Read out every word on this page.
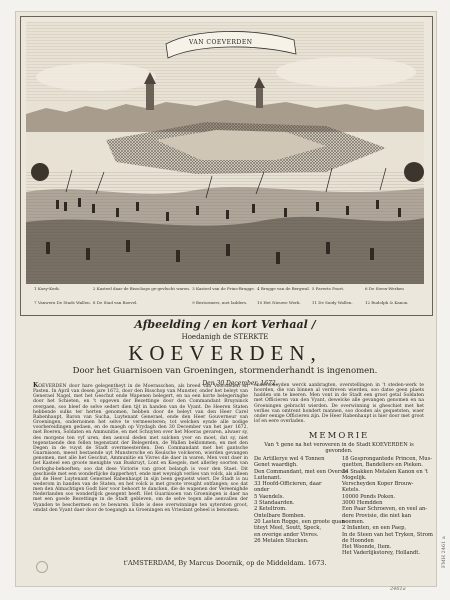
VAN COEVERDEN
1 Koey-Kerk.	2 Kasteel daar de Bisschops ge-gevlucht waren. 3 Kasteel van de Prins-Brugge. 4 Brugge van de Bergwal. 5 Faverts Poort.	6 De Steen-Werken
7 Vanwerx De Stads Wallen. 8 De Stad van Boevel.	9 Bestormers, met ladders.	10 Het Nieuwe Werk.	11 De Suidy Wallen.	12 Rudolph & Kanon.
Afbeelding / en kort Verhaal /
Hoedanigh de STERKTE
KOEVERDEN,
Door het Guarnisoen van Groeningen, stormenderhandt is ingenomen.
Den 30 December, 1672.
KOEVERDEN door hare gelegentheyt in de Moerasschen, als breed van Voorsteden en Pasten. In April van desen jare 1672, door den Bisschop van Munster, onder het beleyt van Generael Nagel, met het Geschut ende Wapenen belegert, en na een korte belegeringhe door het Schieten, en 't opgeven der Bezettinge door den Commandant Bruyninck overgaen, soo bleef de selve sedert dien tijt in handen van de Vyant. De Heeren Staten hebbende sulks ter herten genomen, hebben door de beleyt van den Heer Carel Rabenhaupt, Baron van Sucha, Luytenant Generael, ende den Heer Gouverneur van Groeningen, ondernomen het selve te vermeesteren; tot welcken eynde alle nodige voorbereidingen gedaen, en de maegh op Vrydagh den 30 December van het jaer 1672, met Boeren, Soldaten en Ammunitie, en met Schuyten over het Moeras gevaren, alwaer sy, des morgens ten vyf uren, den aenval deden met sulcken yver en moet, dat sy, niet tegenstaende den fellen tegenstant der Belegerden, de Wallen beklommen, en met den Degen in de vuyst de Stadt overmeesterden. Den Commandant met het gantsche Guarnisoen, meest bestaende uyt Munstersche en Keulsche volckeren, wierden gevangen genomen, met alle het Geschut, Ammunitie en Vivres die daer in waren. Men vont daer in het Kasteel een groote menighte van Buskruyt, Lont en Koegels, met allerley soorten van Oorloghs-behoeften; soo dat dese Victorie van groot belangh is voor den Staet. Dit geschiede met een wonderlijcke dapperheyt, ende met weynigh verlies van volck, als alleen dat de Heer Luytenant Generael Rabenhaupt in sijn been gequetst wiert. De Stadt is nu wederom in handen van de Staten, en het volck is met groote vreught ontfangen; soo dat men den Almachtigen Godt hier voor behoort te dancken, die de wapenen der Vereenighde Nederlanden soo wonderlijck gesegent heeft. Het Guarnisoen van Groeningen is daer na met een goede Bezettinge in de Stadt gebleven, om de selve tegen alle aenvallen der Vyanden te beschermen en te bewaren. Ende is dese overwinninge ten uytersten groot, omdat den Vyant daer door de toegangh na Groeningen en Vrieslant geheel is benomen.
onderscheyden werck aanbragten, overstellingen in 't steden-werk te hoorden, die van binnen al verdreven wierden, soo datse geen plaets hadden om te keeren. Men vont in de Stadt een groot getal Soldaten met Officieren van den Vyant, dewelcke alle gevangen genomen en na Groeningen gebracht wierden. De overwinning is gheschiet met het verlies van omtrent hondert mannen, soo dooden als gequetsten, waer onder eenige Officieren zijn. De Heer Rabenhaupt is hier door met groot lof en eere overladen.
MEMORIE
Van 't gene na het veroveren in de Stadt KOEVERDEN is gevonden.
De Artillerye wel 4 Tonnen
Genet waardigh.
Den Commandant, met een Overste
Luitenant.
33 Hoofd-Officieren, daar
onder
5 Vaendels.
3 Standaarden.
2 Keteltrom.
Ontelbare Bomben.
20 Lasten Rogge, een groote quan-
titeyt Meel, Soutt, Speck,
en overige ander Vivres.
26 Metalen Stucken.
18 Gesprongantede Princen, Mus-
quetten, Bandeliers en Pieken.
34 Snakken Metalen Kanon en 't
Mogelijk.
Verscheyden Koper Brouw-
Ketels.
10000 Ponds Poken.
3000 Hemdden
Een Paar Schroeven, en veel an-
dere Provisie, die niet kan
noemen.
2 Infanten, en een Paep,
In de Steen van het Tryken, Strom
de Hoonden
Het Woonde, Item.
Het Vaderlijkstorey, Hollandt.
t'AMSTERDAM, By Marcus Doornik, op de Middeldam. 1673.
2461a
FMH 2461 a
